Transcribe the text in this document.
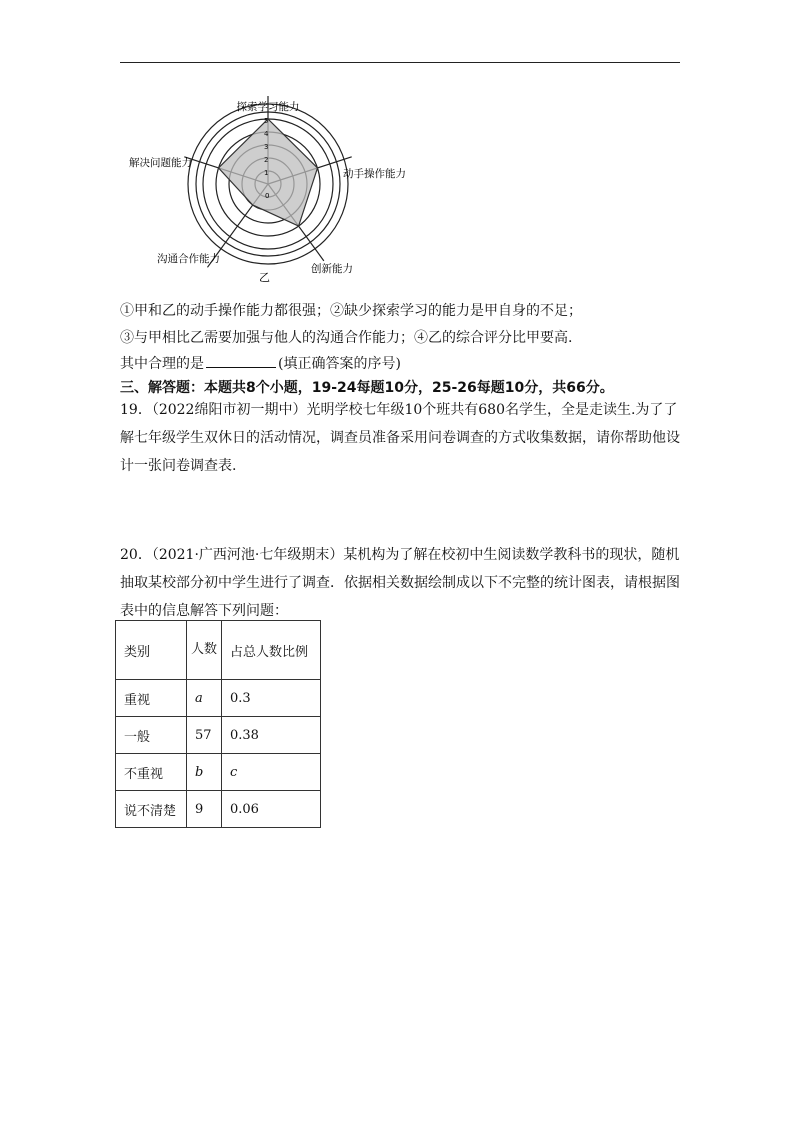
1
2
3
4
5
0
探索学习能力
动手操作能力
创新能力
沟通合作能力
解决问题能力
乙
①甲和乙的动手操作能力都很强；②缺少探索学习的能力是甲自身的不足；
③与甲相比乙需要加强与他人的沟通合作能力；④乙的综合评分比甲要高.
其中合理的是	(填正确答案的序号)
三、解答题：本题共8个小题，19-24每题10分，25-26每题10分，共66分。
19．（2022绵阳市初一期中）光明学校七年级10个班共有680名学生，全是走读生.为了了解七年级学生双休日的活动情况，调查员准备采用问卷调查的方式收集数据，请你帮助他设计一张问卷调查表.
20．（2021·广西河池·七年级期末）某机构为了解在校初中生阅读数学教科书的现状，随机抽取某校部分初中学生进行了调查．依据相关数据绘制成以下不完整的统计图表，请根据图表中的信息解答下列问题：
类别	人数	占总人数比例
重视	a	0.3
一般	57	0.38
不重视	b	c
说不清楚	9	0.06
